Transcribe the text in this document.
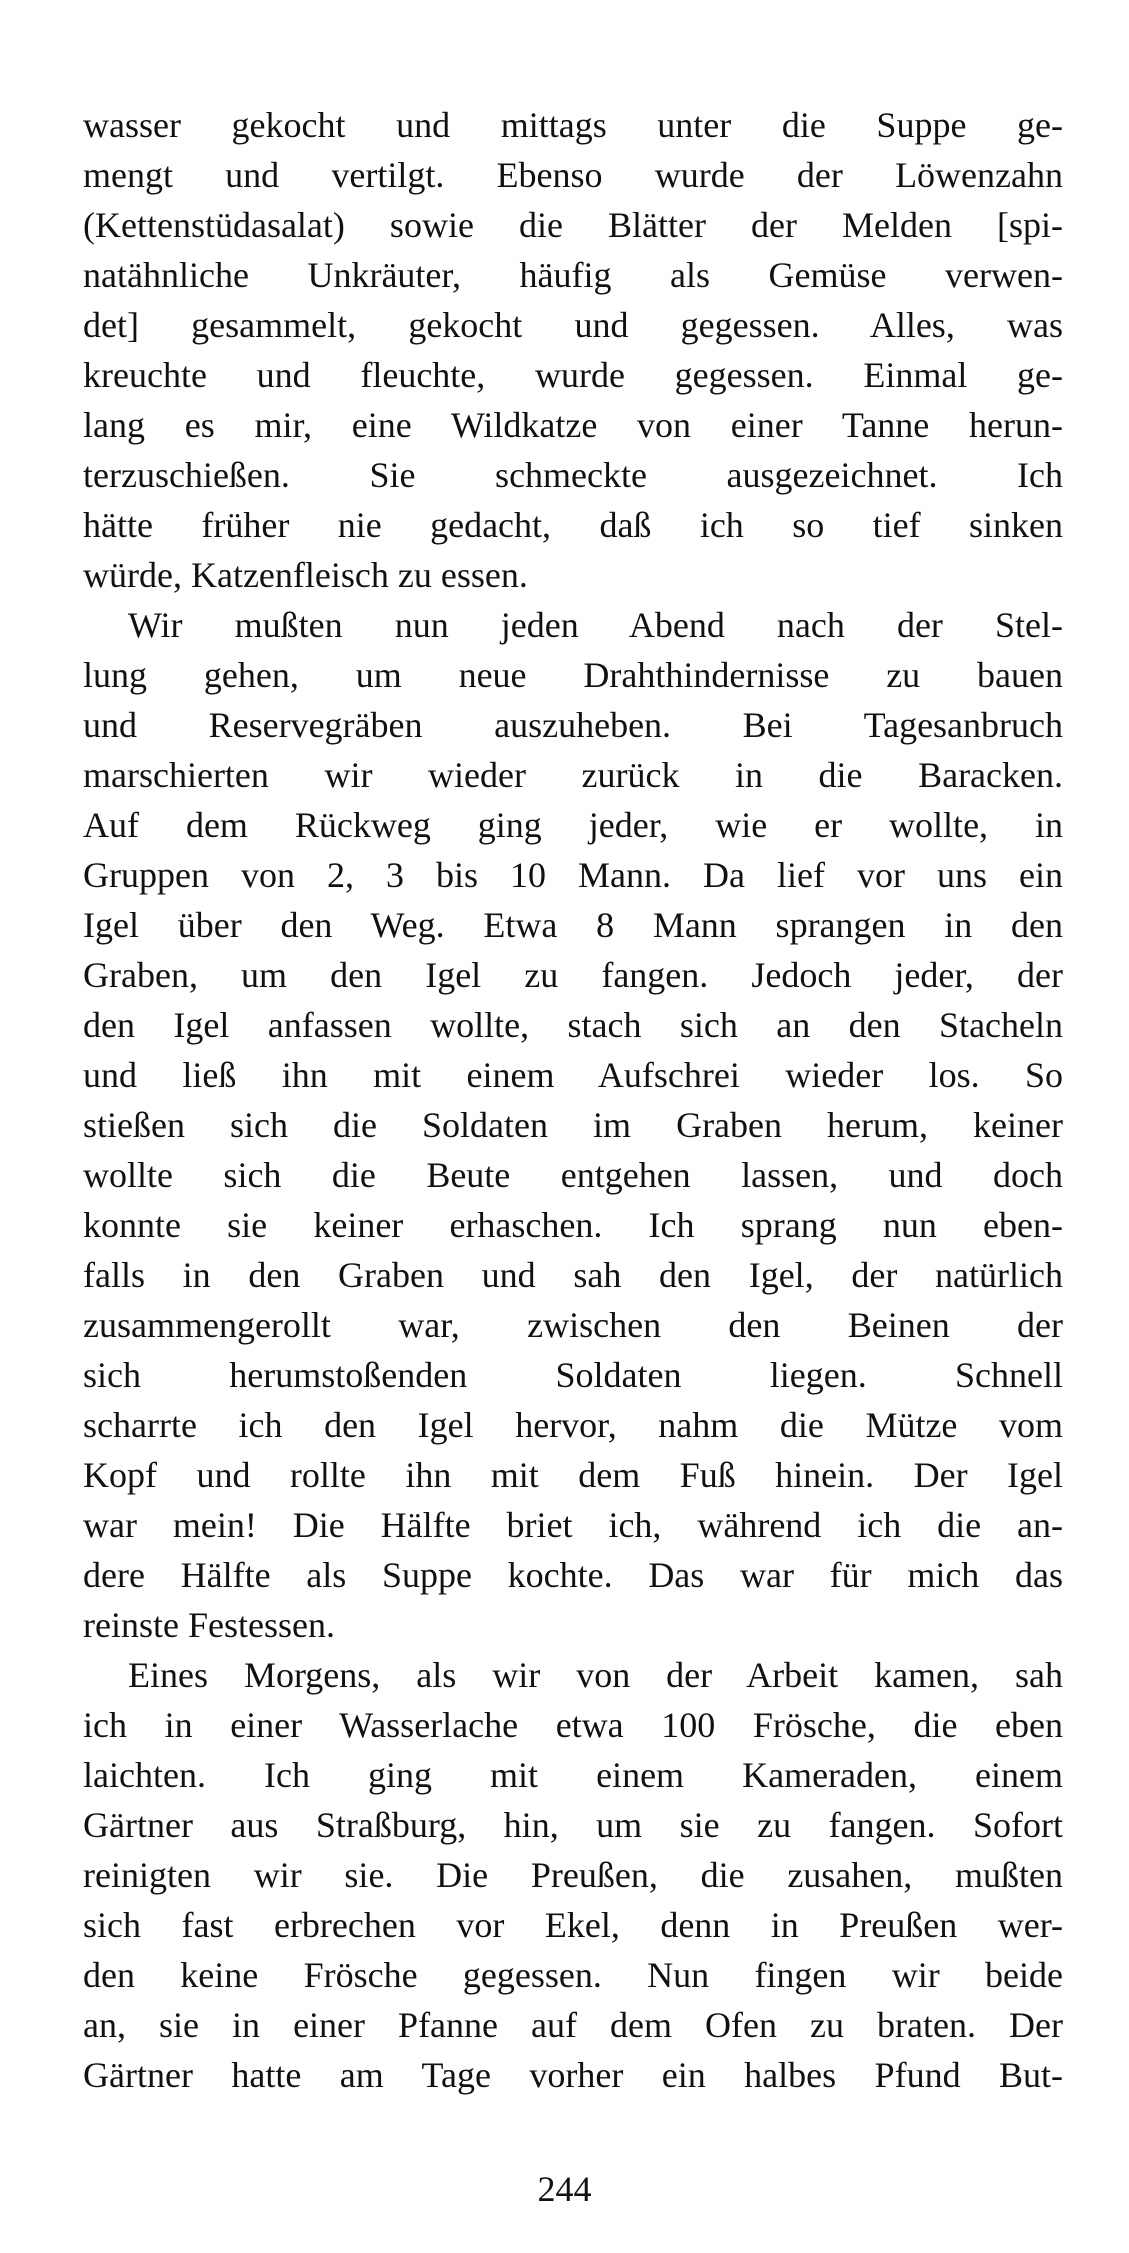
wasser gekocht und mittags unter die Suppe ge-
mengt und vertilgt. Ebenso wurde der Löwenzahn
(Kettenstüdasalat) sowie die Blätter der Melden [spi-
natähnliche Unkräuter, häufig als Gemüse verwen-
det] gesammelt, gekocht und gegessen. Alles, was
kreuchte und fleuchte, wurde gegessen. Einmal ge-
lang es mir, eine Wildkatze von einer Tanne herun-
terzuschießen. Sie schmeckte ausgezeichnet. Ich
hätte früher nie gedacht, daß ich so tief sinken
würde, Katzenfleisch zu essen.
Wir mußten nun jeden Abend nach der Stel-
lung gehen, um neue Drahthindernisse zu bauen
und Reservegräben auszuheben. Bei Tagesanbruch
marschierten wir wieder zurück in die Baracken.
Auf dem Rückweg ging jeder, wie er wollte, in
Gruppen von 2, 3 bis 10 Mann. Da lief vor uns ein
Igel über den Weg. Etwa 8 Mann sprangen in den
Graben, um den Igel zu fangen. Jedoch jeder, der
den Igel anfassen wollte, stach sich an den Stacheln
und ließ ihn mit einem Aufschrei wieder los. So
stießen sich die Soldaten im Graben herum, keiner
wollte sich die Beute entgehen lassen, und doch
konnte sie keiner erhaschen. Ich sprang nun eben-
falls in den Graben und sah den Igel, der natürlich
zusammengerollt war, zwischen den Beinen der
sich herumstoßenden Soldaten liegen. Schnell
scharrte ich den Igel hervor, nahm die Mütze vom
Kopf und rollte ihn mit dem Fuß hinein. Der Igel
war mein! Die Hälfte briet ich, während ich die an-
dere Hälfte als Suppe kochte. Das war für mich das
reinste Festessen.
Eines Morgens, als wir von der Arbeit kamen, sah
ich in einer Wasserlache etwa 100 Frösche, die eben
laichten. Ich ging mit einem Kameraden, einem
Gärtner aus Straßburg, hin, um sie zu fangen. Sofort
reinigten wir sie. Die Preußen, die zusahen, mußten
sich fast erbrechen vor Ekel, denn in Preußen wer-
den keine Frösche gegessen. Nun fingen wir beide
an, sie in einer Pfanne auf dem Ofen zu braten. Der
Gärtner hatte am Tage vorher ein halbes Pfund But-
244
